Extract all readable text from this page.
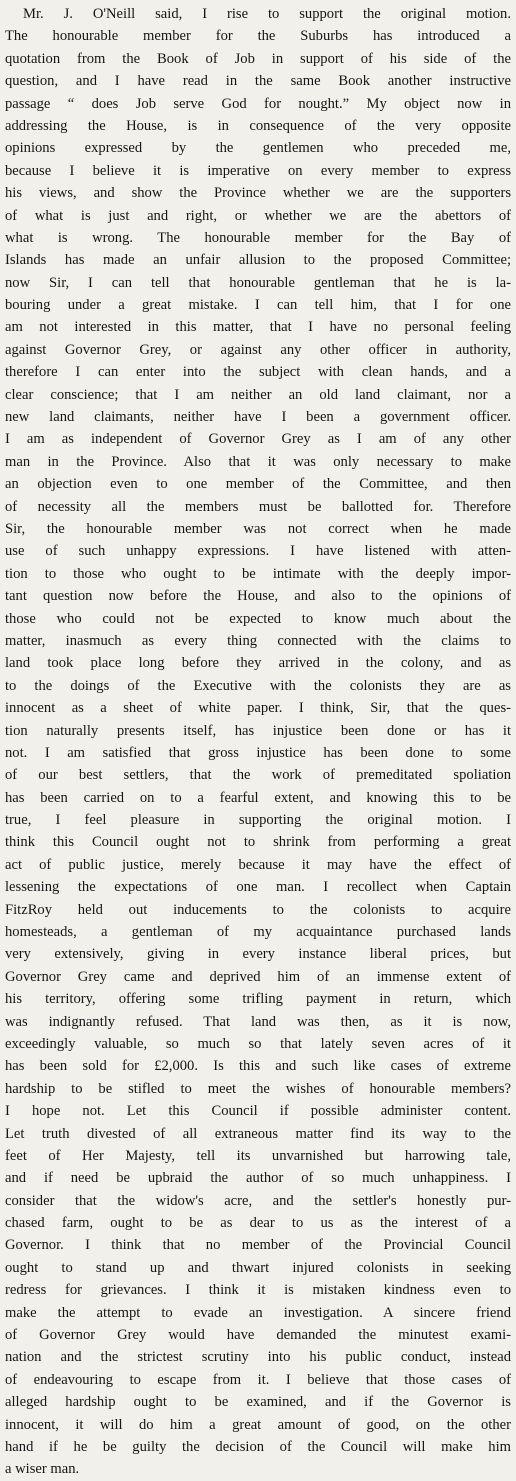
Mr. J. O'Neill said, I rise to support the original motion.
The honourable member for the Suburbs has introduced a
quotation from the Book of Job in support of his side of the
question, and I have read in the same Book another instructive
passage “ does Job serve God for nought.” My object now in
addressing the House, is in consequence of the very opposite
opinions expressed by the gentlemen who preceded me,
because I believe it is imperative on every member to express
his views, and show the Province whether we are the supporters
of what is just and right, or whether we are the abettors of
what is wrong. The honourable member for the Bay of
Islands has made an unfair allusion to the proposed Committee;
now Sir, I can tell that honourable gentleman that he is la-
bouring under a great mistake. I can tell him, that I for one
am not interested in this matter, that I have no personal feeling
against Governor Grey, or against any other officer in authority,
therefore I can enter into the subject with clean hands, and a
clear conscience; that I am neither an old land claimant, nor a
new land claimants, neither have I been a government officer.
I am as independent of Governor Grey as I am of any other
man in the Province. Also that it was only necessary to make
an objection even to one member of the Committee, and then
of necessity all the members must be ballotted for. Therefore
Sir, the honourable member was not correct when he made
use of such unhappy expressions. I have listened with atten-
tion to those who ought to be intimate with the deeply impor-
tant question now before the House, and also to the opinions of
those who could not be expected to know much about the
matter, inasmuch as every thing connected with the claims to
land took place long before they arrived in the colony, and as
to the doings of the Executive with the colonists they are as
innocent as a sheet of white paper. I think, Sir, that the ques-
tion naturally presents itself, has injustice been done or has it
not. I am satisfied that gross injustice has been done to some
of our best settlers, that the work of premeditated spoliation
has been carried on to a fearful extent, and knowing this to be
true, I feel pleasure in supporting the original motion. I
think this Council ought not to shrink from performing a great
act of public justice, merely because it may have the effect of
lessening the expectations of one man. I recollect when Captain
FitzRoy held out inducements to the colonists to acquire
homesteads, a gentleman of my acquaintance purchased lands
very extensively, giving in every instance liberal prices, but
Governor Grey came and deprived him of an immense extent of
his territory, offering some trifling payment in return, which
was indignantly refused. That land was then, as it is now,
exceedingly valuable, so much so that lately seven acres of it
has been sold for £2,000. Is this and such like cases of extreme
hardship to be stifled to meet the wishes of honourable members?
I hope not. Let this Council if possible administer content.
Let truth divested of all extraneous matter find its way to the
feet of Her Majesty, tell its unvarnished but harrowing tale,
and if need be upbraid the author of so much unhappiness. I
consider that the widow's acre, and the settler's honestly pur-
chased farm, ought to be as dear to us as the interest of a
Governor. I think that no member of the Provincial Council
ought to stand up and thwart injured colonists in seeking
redress for grievances. I think it is mistaken kindness even to
make the attempt to evade an investigation. A sincere friend
of Governor Grey would have demanded the minutest exami-
nation and the strictest scrutiny into his public conduct, instead
of endeavouring to escape from it. I believe that those cases of
alleged hardship ought to be examined, and if the Governor is
innocent, it will do him a great amount of good, on the other
hand if he be guilty the decision of the Council will make him
a wiser man.
